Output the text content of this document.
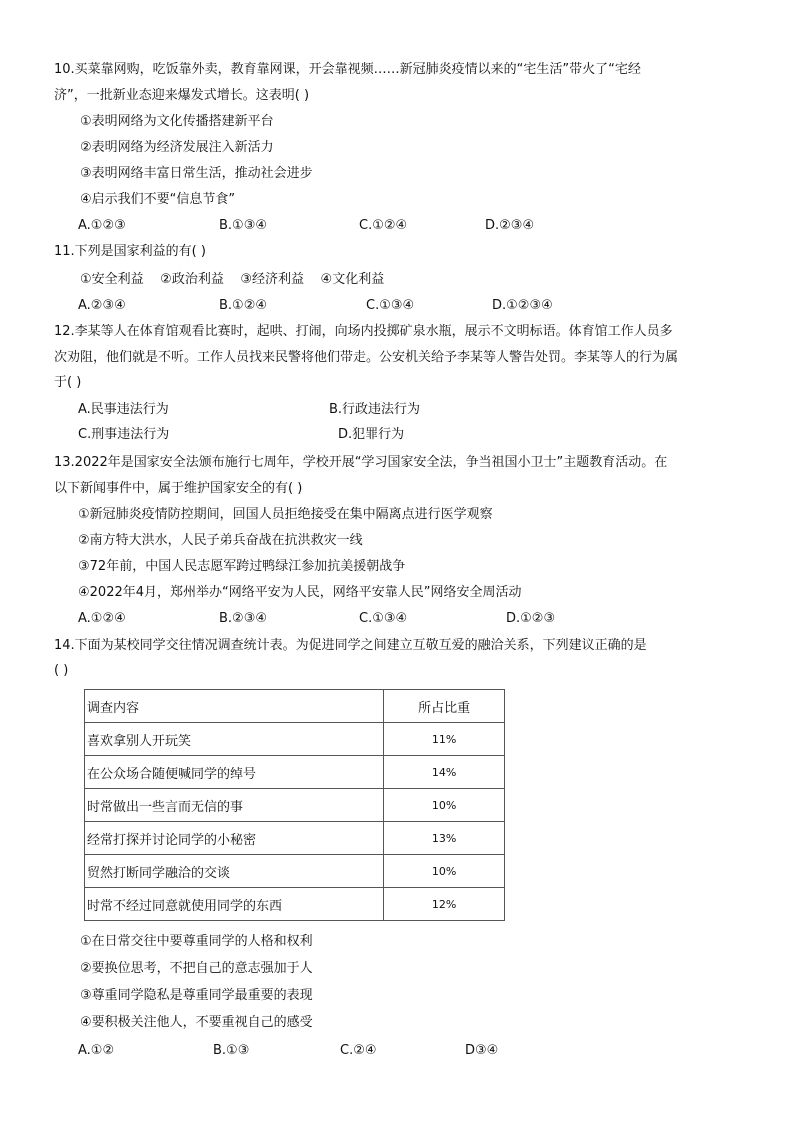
10.买菜靠网购，吃饭靠外卖，教育靠网课，开会靠视频……新冠肺炎疫情以来的“宅生活”带火了“宅经
济”，一批新业态迎来爆发式增长。这表明( )
①表明网络为文化传播搭建新平台
②表明网络为经济发展注入新活力
③表明网络丰富日常生活，推动社会进步
④启示我们不要“信息节食”
A.①②③	B.①③④	C.①②④	D.②③④
11.下列是国家利益的有( )
①安全利益    ②政治利益    ③经济利益    ④文化利益
A.②③④	B.①②④	C.①③④	D.①②③④
12.李某等人在体育馆观看比赛时，起哄、打闹，向场内投掷矿泉水瓶，展示不文明标语。体育馆工作人员多
次劝阻，他们就是不听。工作人员找来民警将他们带走。公安机关给予李某等人警告处罚。李某等人的行为属
于( )
A.民事违法行为	B.行政违法行为
C.刑事违法行为	D.犯罪行为
13.2022年是国家安全法颁布施行七周年，学校开展“学习国家安全法，争当祖国小卫士”主题教育活动。在
以下新闻事件中，属于维护国家安全的有( )
①新冠肺炎疫情防控期间，回国人员拒绝接受在集中隔离点进行医学观察
②南方特大洪水，人民子弟兵奋战在抗洪救灾一线
③72年前，中国人民志愿军跨过鸭绿江参加抗美援朝战争
④2022年4月，郑州举办“网络平安为人民，网络平安靠人民”网络安全周活动
A.①②④	B.②③④	C.①③④	D.①②③
14.下面为某校同学交往情况调查统计表。为促进同学之间建立互敬互爱的融洽关系，下列建议正确的是
( )
调查内容	所占比重
喜欢拿别人开玩笑	11%
在公众场合随便喊同学的绰号	14%
时常做出一些言而无信的事	10%
经常打探并讨论同学的小秘密	13%
贸然打断同学融洽的交谈	10%
时常不经过同意就使用同学的东西	12%
①在日常交往中要尊重同学的人格和权利
②要换位思考，不把自己的意志强加于人
③尊重同学隐私是尊重同学最重要的表现
④要积极关注他人，不要重视自己的感受
A.①②	B.①③	C.②④	D③④
